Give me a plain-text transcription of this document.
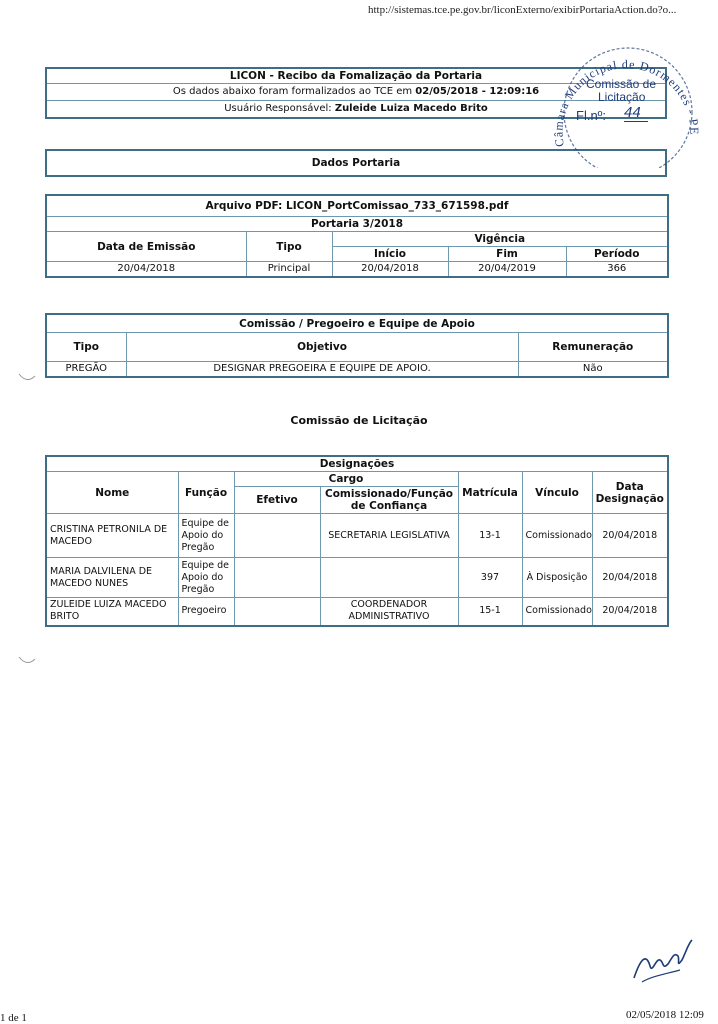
http://sistemas.tce.pe.gov.br/liconExterno/exibirPortariaAction.do?o...
LICON - Recibo da Fomalização da Portaria
Os dados abaixo foram formalizados ao TCE em 02/05/2018 - 12:09:16
Usuário Responsável: Zuleide Luiza Macedo Brito
Dados Portaria
Arquivo PDF: LICON_PortComissao_733_671598.pdf				
Portaria 3/2018				
Data de Emissão	Tipo	Vigência		
		Início	Fim	Período
20/04/2018	Principal	20/04/2018	20/04/2019	366
Comissão / Pregoeiro e Equipe de Apoio		
Tipo	Objetivo	Remuneração
PREGÃO	DESIGNAR PREGOEIRA E EQUIPE DE APOIO.	Não
Comissão de Licitação
Designações						
Nome	Função	Cargo		Matrícula	Vínculo	Data Designação
		Efetivo	Comissionado/Função de Confiança			
CRISTINA PETRONILA DE MACEDO	Equipe de Apoio do Pregão		SECRETARIA LEGISLATIVA	13-1	Comissionado	20/04/2018
MARIA DALVILENA DE MACEDO NUNES	Equipe de Apoio do Pregão			397	À Disposição	20/04/2018
ZULEIDE LUIZA MACEDO BRITO	Pregoeiro		COORDENADOR ADMINISTRATIVO	15-1	Comissionado	20/04/2018
Câmara Municipal de Dormentes - PE
Comissão de
Licitação
Fl.nº: 44
1 de 1	02/05/2018 12:09
